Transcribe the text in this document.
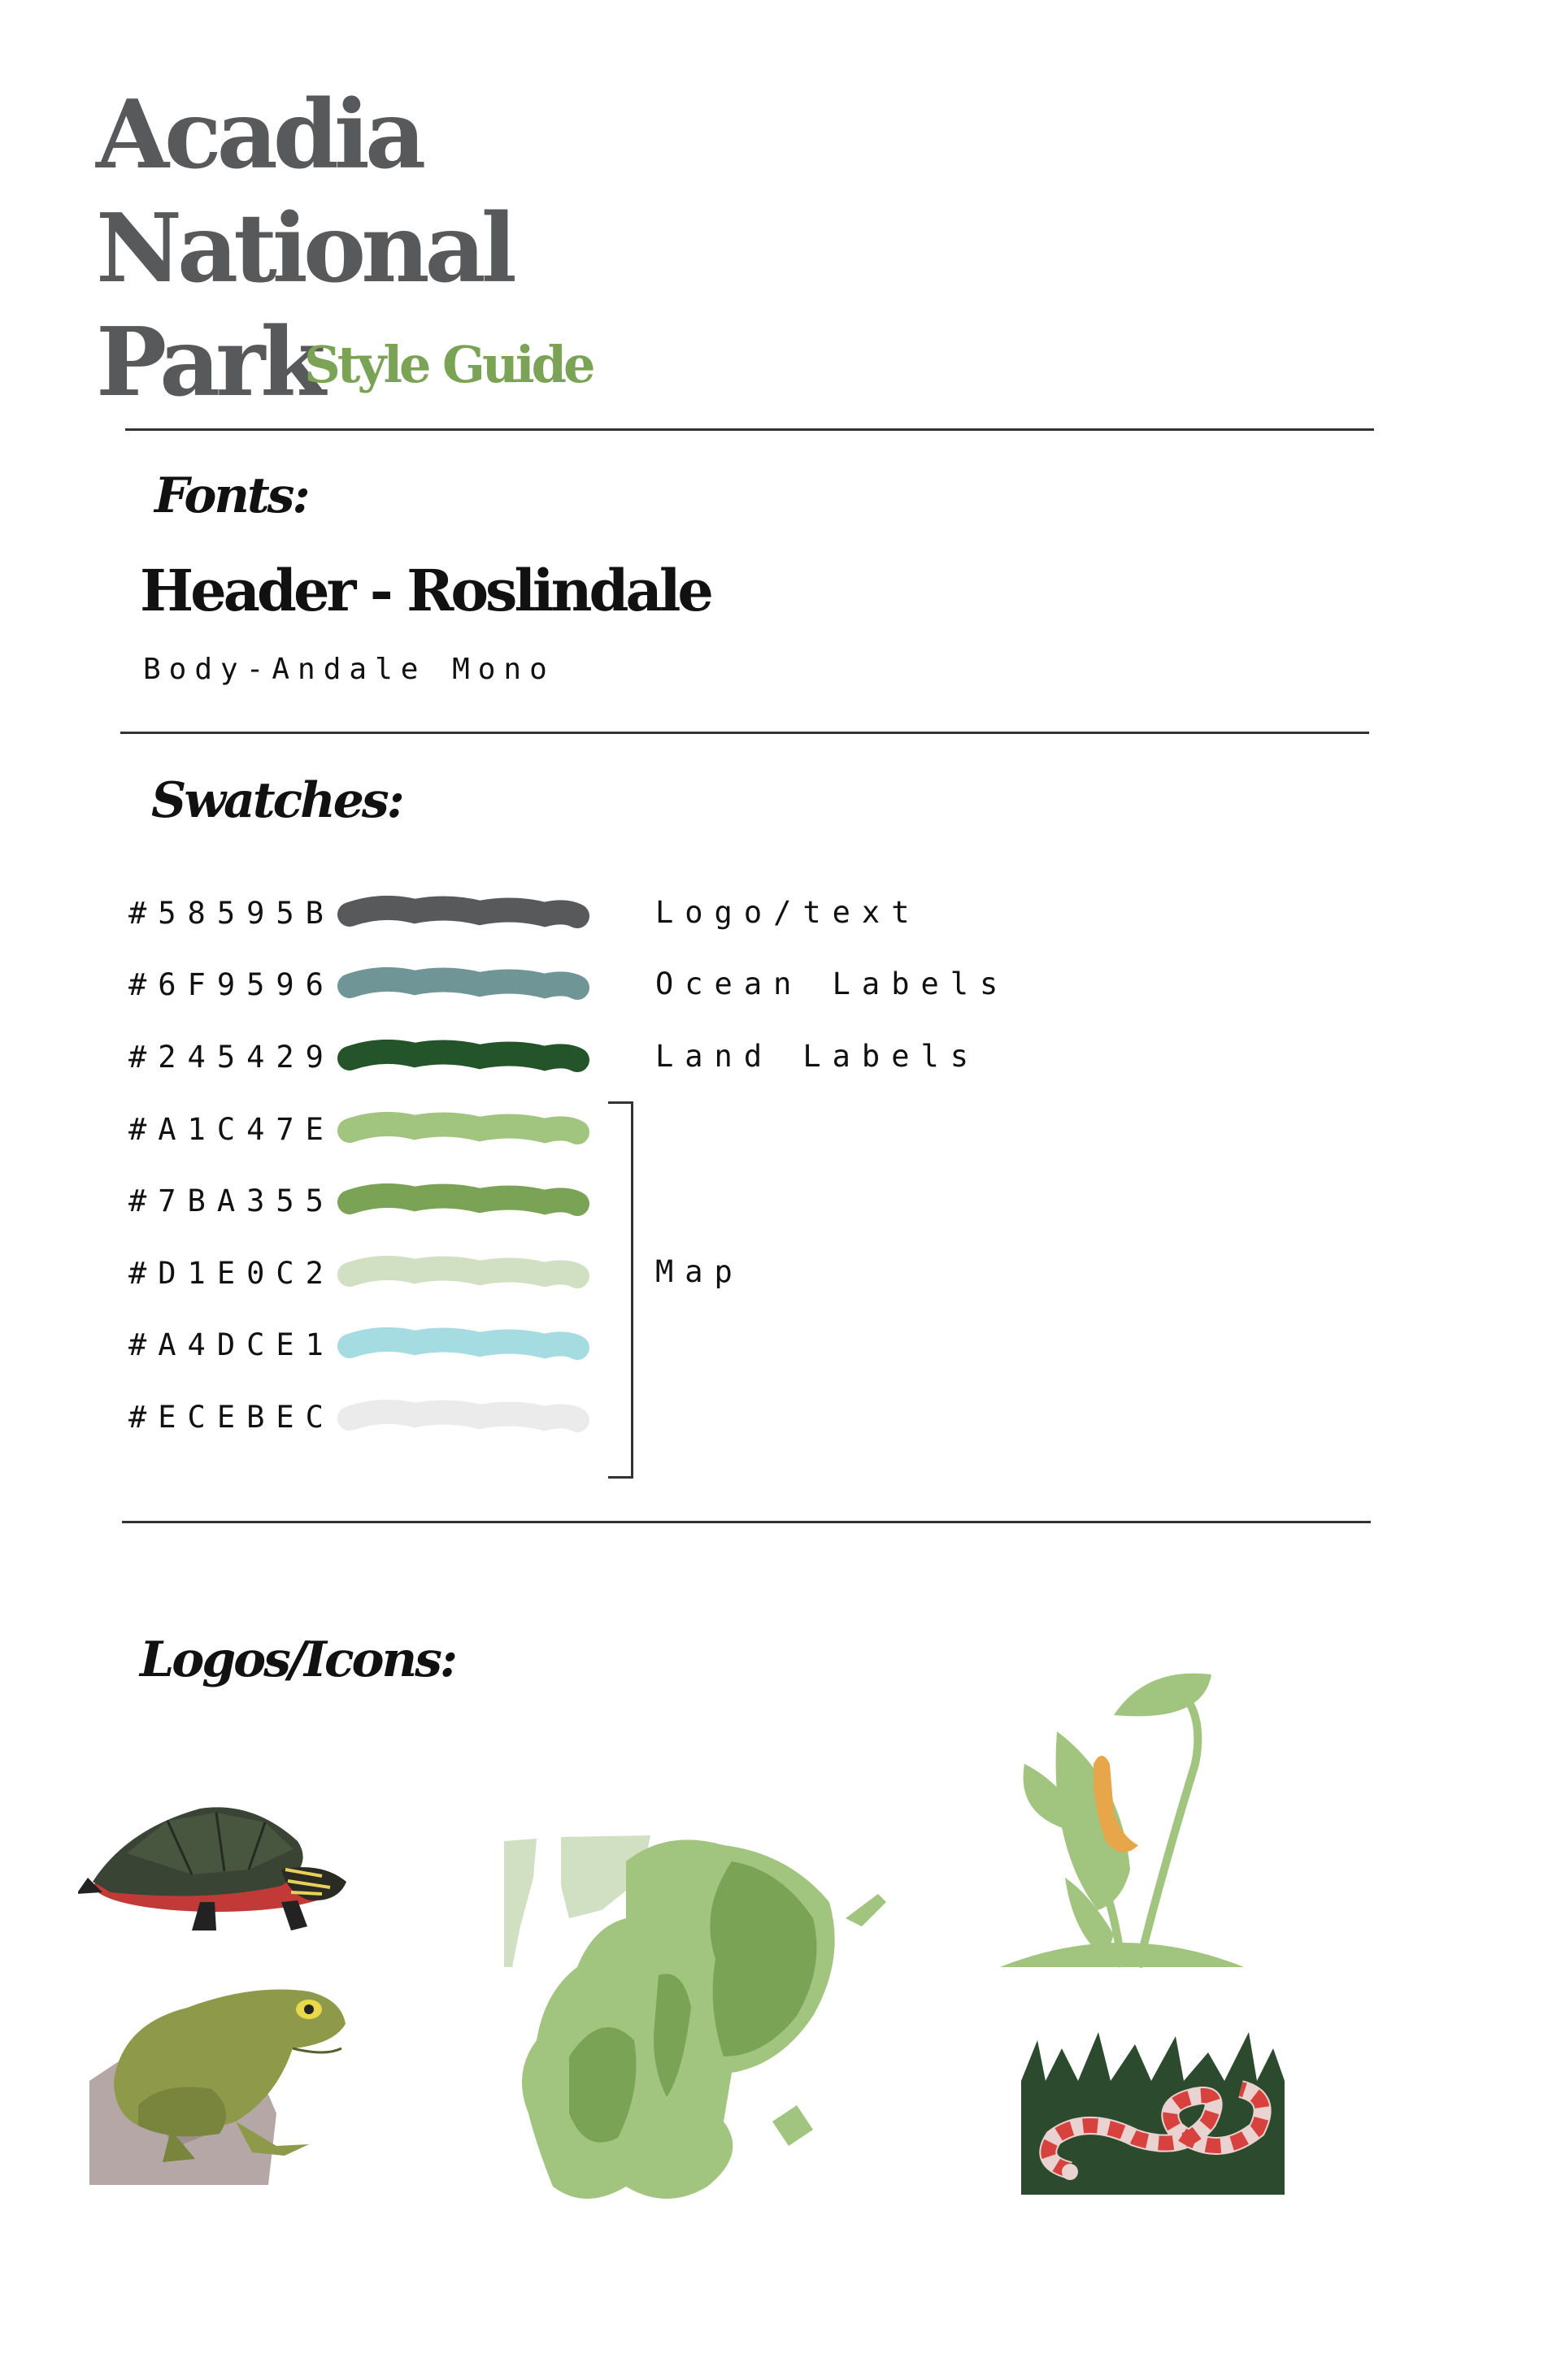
Acadia
National
Park
Style Guide
Fonts:
Header - Roslindale
Body-Andale Mono
Swatches:
#58595B
#6F9596
#245429
#A1C47E
#7BA355
#D1E0C2
#A4DCE1
#ECEBEC
Logo/text
Ocean Labels
Land Labels
Map
Logos/Icons:
